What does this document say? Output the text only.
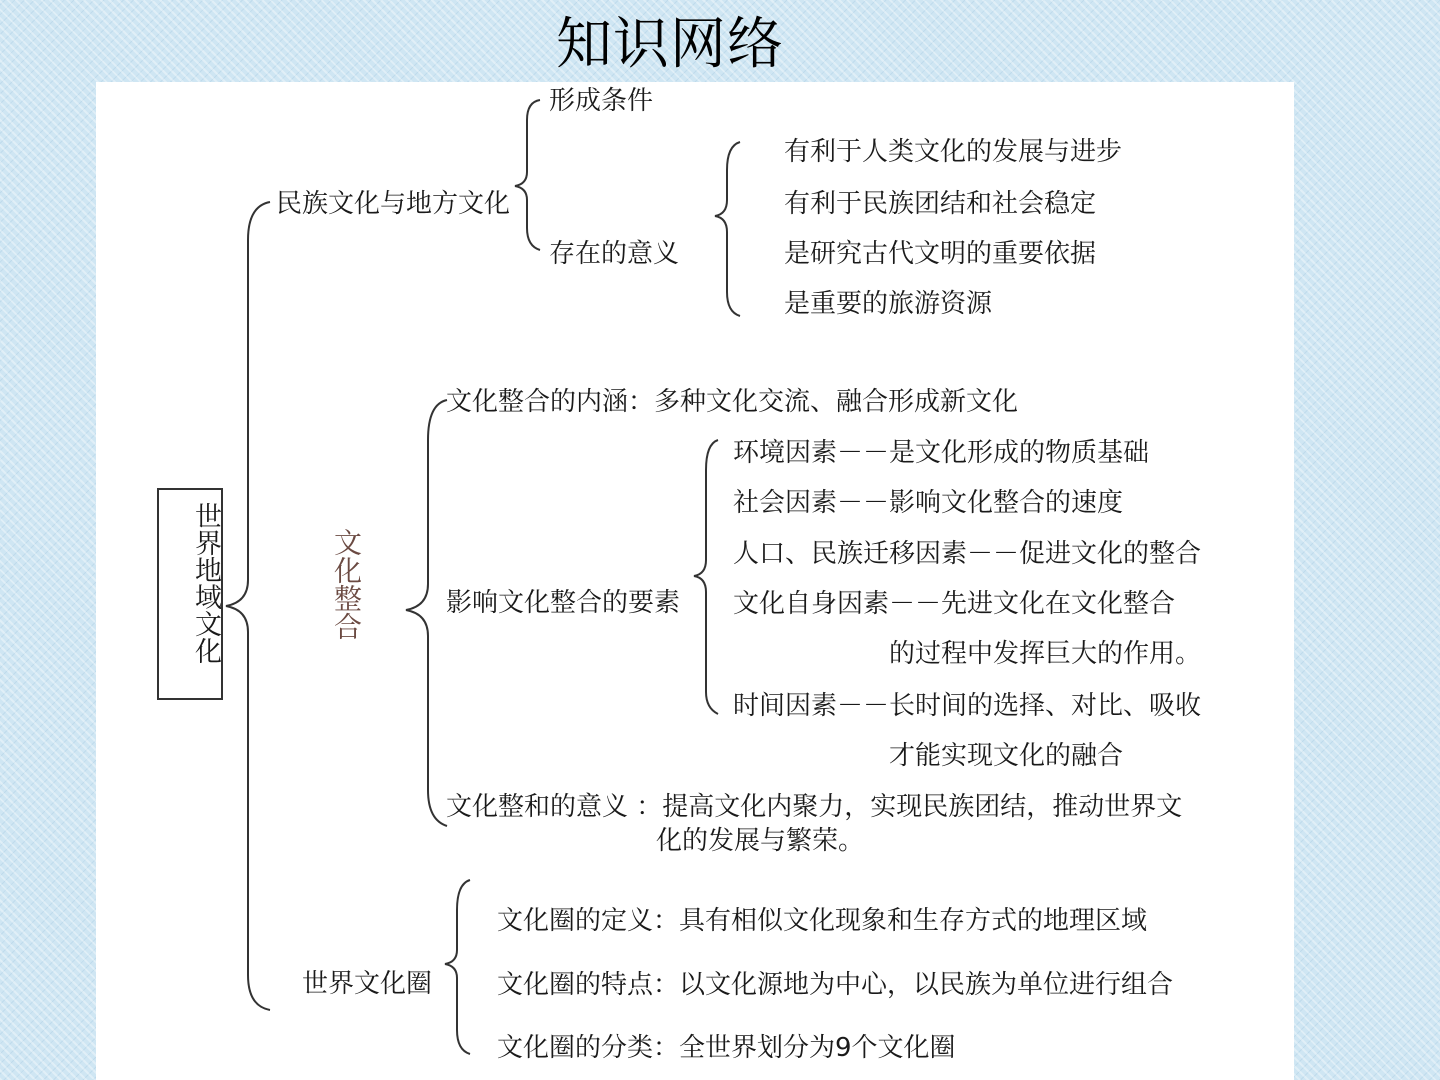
知识网络
世界地域文化
民族文化与地方文化
形成条件
存在的意义
有利于人类文化的发展与进步
有利于民族团结和社会稳定
是研究古代文明的重要依据
是重要的旅游资源
文化整合
文化整合的内涵：多种文化交流、融合形成新文化
影响文化整合的要素
环境因素－－是文化形成的物质基础
社会因素－－影响文化整合的速度
人口、民族迁移因素－－促进文化的整合
文化自身因素－－先进文化在文化整合
的过程中发挥巨大的作用。
时间因素－－长时间的选择、对比、吸收
才能实现文化的融合
文化整和的意义 ：提高文化内聚力，实现民族团结，推动世界文
化的发展与繁荣。
世界文化圈
文化圈的定义：具有相似文化现象和生存方式的地理区域
文化圈的特点：以文化源地为中心，以民族为单位进行组合
文化圈的分类：全世界划分为9个文化圈
